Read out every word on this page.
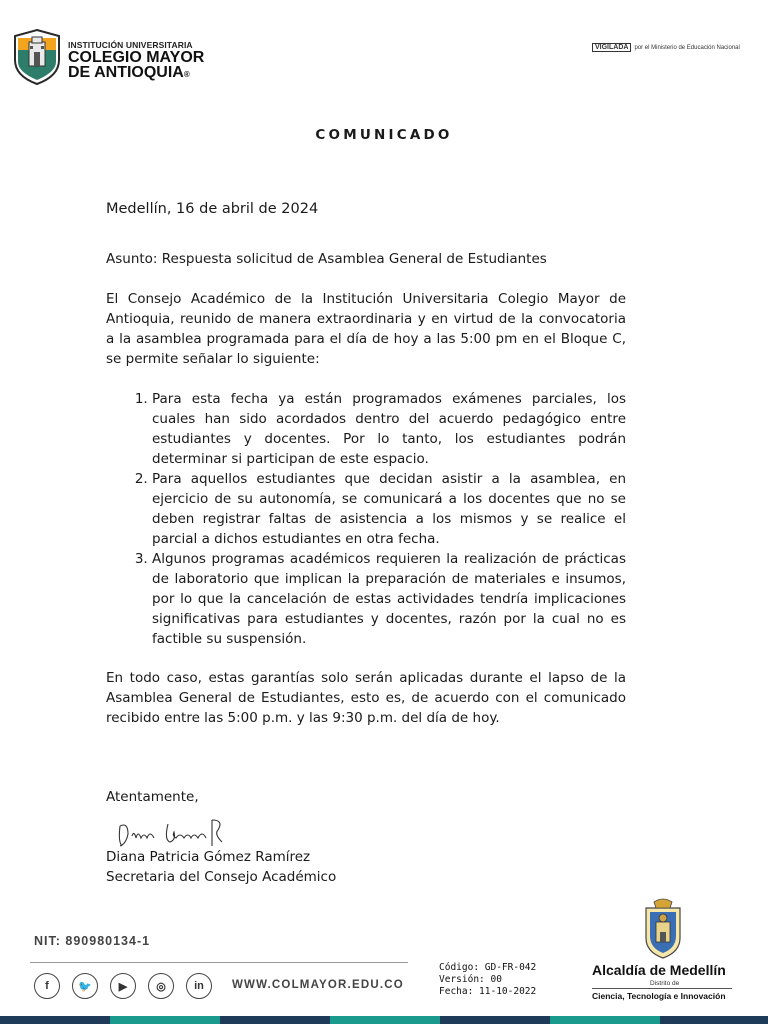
INSTITUCIÓN UNIVERSITARIA
COLEGIO MAYOR
DE ANTIOQUIA®
VIGILADA por el Ministerio de Educación Nacional
COMUNICADO
Medellín, 16 de abril de 2024
Asunto: Respuesta solicitud de Asamblea General de Estudiantes
El Consejo Académico de la Institución Universitaria Colegio Mayor de Antioquia, reunido de manera extraordinaria y en virtud de la convocatoria a la asamblea programada para el día de hoy a las 5:00 pm en el Bloque C, se permite señalar lo siguiente:
1. Para esta fecha ya están programados exámenes parciales, los cuales han sido acordados dentro del acuerdo pedagógico entre estudiantes y docentes. Por lo tanto, los estudiantes podrán determinar si participan de este espacio.
2. Para aquellos estudiantes que decidan asistir a la asamblea, en ejercicio de su autonomía, se comunicará a los docentes que no se deben registrar faltas de asistencia a los mismos y se realice el parcial a dichos estudiantes en otra fecha.
3. Algunos programas académicos requieren la realización de prácticas de laboratorio que implican la preparación de materiales e insumos, por lo que la cancelación de estas actividades tendría implicaciones significativas para estudiantes y docentes, razón por la cual no es factible su suspensión.
En todo caso, estas garantías solo serán aplicadas durante el lapso de la Asamblea General de Estudiantes, esto es, de acuerdo con el comunicado recibido entre las 5:00 p.m. y las 9:30 p.m. del día de hoy.
Atentamente,
Diana Patricia Gómez Ramírez
Secretaria del Consejo Académico
NIT: 890980134-1
f	🐦	▶	◎	in	WWW.COLMAYOR.EDU.CO
Código: GD-FR-042
Versión: 00
Fecha: 11-10-2022
Alcaldía de Medellín
Distrito de
Ciencia, Tecnología e Innovación
